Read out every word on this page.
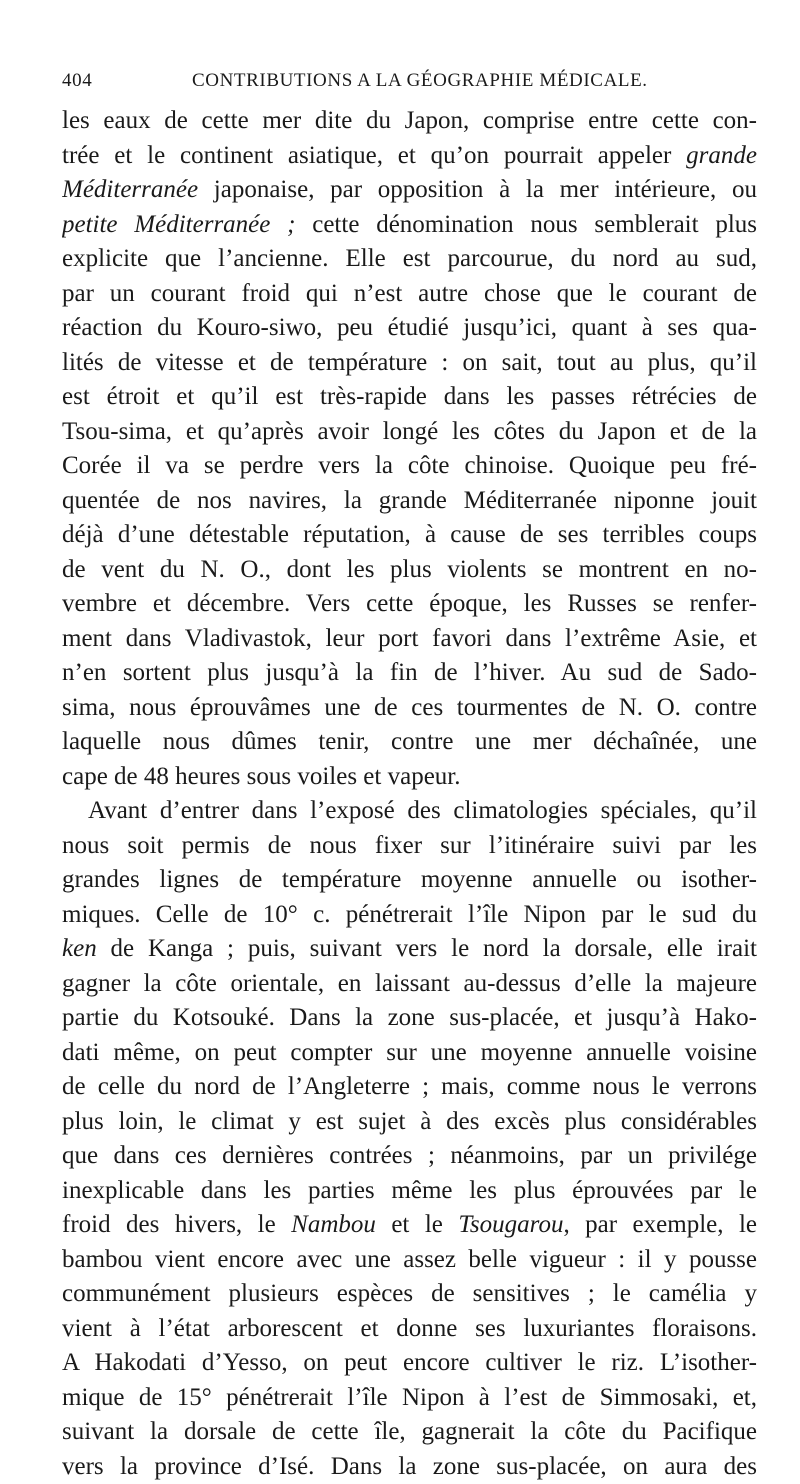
404	CONTRIBUTIONS A LA GÉOGRAPHIE MÉDICALE.
les eaux de cette mer dite du Japon, comprise entre cette con-
trée et le continent asiatique, et qu’on pourrait appeler grande
Méditerranée japonaise, par opposition à la mer intérieure, ou
petite Méditerranée ; cette dénomination nous semblerait plus
explicite que l’ancienne. Elle est parcourue, du nord au sud,
par un courant froid qui n’est autre chose que le courant de
réaction du Kouro-siwo, peu étudié jusqu’ici, quant à ses qua-
lités de vitesse et de température : on sait, tout au plus, qu’il
est étroit et qu’il est très-rapide dans les passes rétrécies de
Tsou-sima, et qu’après avoir longé les côtes du Japon et de la
Corée il va se perdre vers la côte chinoise. Quoique peu fré-
quentée de nos navires, la grande Méditerranée niponne jouit
déjà d’une détestable réputation, à cause de ses terribles coups
de vent du N. O., dont les plus violents se montrent en no-
vembre et décembre. Vers cette époque, les Russes se renfer-
ment dans Vladivastok, leur port favori dans l’extrême Asie, et
n’en sortent plus jusqu’à la fin de l’hiver. Au sud de Sado-
sima, nous éprouvâmes une de ces tourmentes de N. O. contre
laquelle nous dûmes tenir, contre une mer déchaînée, une
cape de 48 heures sous voiles et vapeur.
Avant d’entrer dans l’exposé des climatologies spéciales, qu’il
nous soit permis de nous fixer sur l’itinéraire suivi par les
grandes lignes de température moyenne annuelle ou isother-
miques. Celle de 10° c. pénétrerait l’île Nipon par le sud du
ken de Kanga ; puis, suivant vers le nord la dorsale, elle irait
gagner la côte orientale, en laissant au-dessus d’elle la majeure
partie du Kotsouké. Dans la zone sus-placée, et jusqu’à Hako-
dati même, on peut compter sur une moyenne annuelle voisine
de celle du nord de l’Angleterre ; mais, comme nous le verrons
plus loin, le climat y est sujet à des excès plus considérables
que dans ces dernières contrées ; néanmoins, par un privilége
inexplicable dans les parties même les plus éprouvées par le
froid des hivers, le Nambou et le Tsougarou, par exemple, le
bambou vient encore avec une assez belle vigueur : il y pousse
communément plusieurs espèces de sensitives ; le camélia y
vient à l’état arborescent et donne ses luxuriantes floraisons.
A Hakodati d’Yesso, on peut encore cultiver le riz. L’isother-
mique de 15° pénétrerait l’île Nipon à l’est de Simmosaki, et,
suivant la dorsale de cette île, gagnerait la côte du Pacifique
vers la province d’Isé. Dans la zone sus-placée, on aura des
